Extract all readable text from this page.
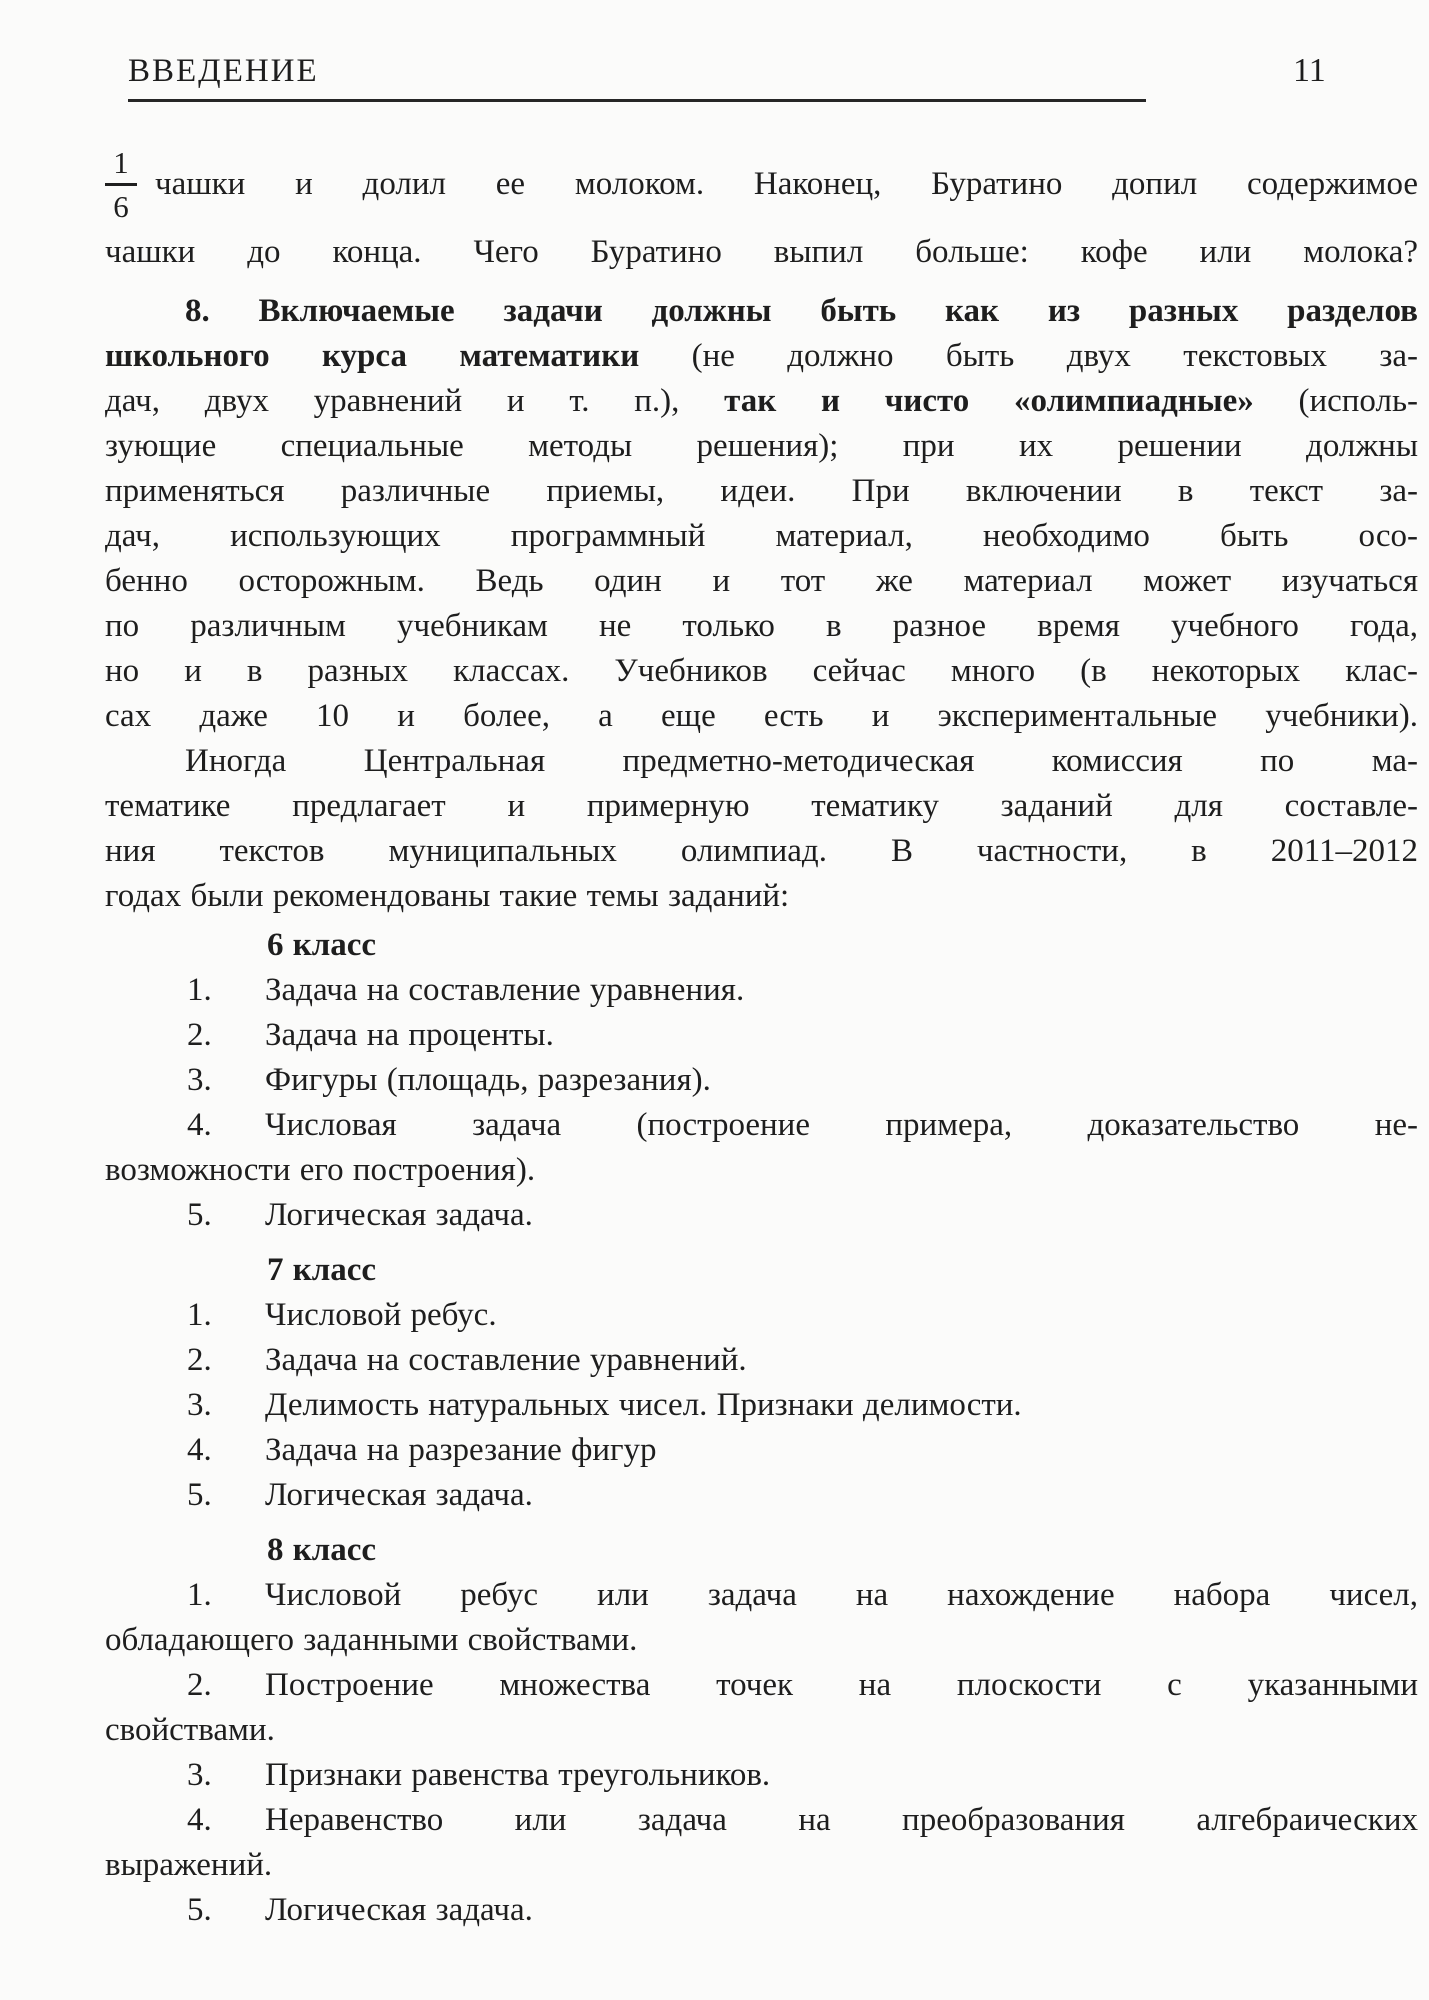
ВВЕДЕНИЕ	11
$\frac{1}{6}$ чашки и долил ее молоком. Наконец, Буратино допил содержимое
чашки до конца. Чего Буратино выпил больше: кофе или молока?
8. Включаемые задачи должны быть как из разных разделов
школьного курса математики (не должно быть двух текстовых за-
дач, двух уравнений и т. п.), так и чисто «олимпиадные» (исполь-
зующие специальные методы решения); при их решении должны
применяться различные приемы, идеи. При включении в текст за-
дач, использующих программный материал, необходимо быть осо-
бенно осторожным. Ведь один и тот же материал может изучаться
по различным учебникам не только в разное время учебного года,
но и в разных классах. Учебников сейчас много (в некоторых клас-
сах даже 10 и более, а еще есть и экспериментальные учебники).
Иногда Центральная предметно-методическая комиссия по ма-
тематике предлагает и примерную тематику заданий для составле-
ния текстов муниципальных олимпиад. В частности, в 2011–2012
годах были рекомендованы такие темы заданий:
6 класс
1. Задача на составление уравнения.
2. Задача на проценты.
3. Фигуры (площадь, разрезания).
4. Числовая задача (построение примера, доказательство не-
возможности его построения).
5. Логическая задача.
7 класс
1. Числовой ребус.
2. Задача на составление уравнений.
3. Делимость натуральных чисел. Признаки делимости.
4. Задача на разрезание фигур
5. Логическая задача.
8 класс
1. Числовой ребус или задача на нахождение набора чисел,
обладающего заданными свойствами.
2. Построение множества точек на плоскости с указанными
свойствами.
3. Признаки равенства треугольников.
4. Неравенство или задача на преобразования алгебраических
выражений.
5. Логическая задача.
